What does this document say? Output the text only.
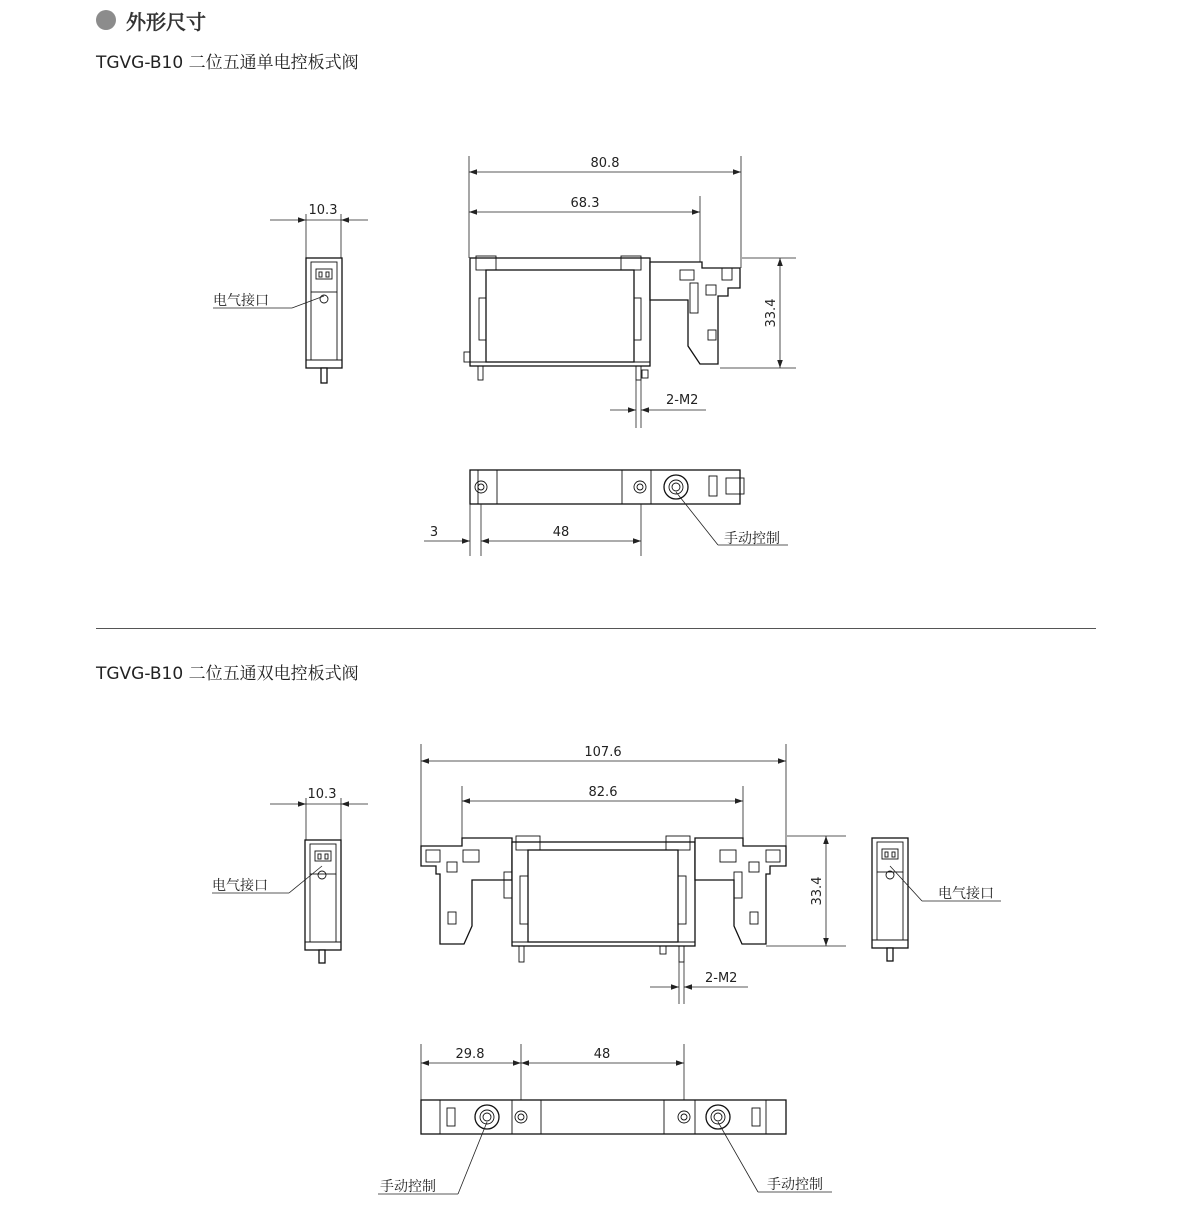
外形尺寸
TGVG-B10 二位五通单电控板式阀
TGVG-B10 二位五通双电控板式阀
10.3
电气接口
80.8
68.3
33.4
2-M2
3	48	手动控制
10.3
电气接口
107.6
82.6
33.4
2-M2
电气接口
29.8	48
手动控制	手动控制
